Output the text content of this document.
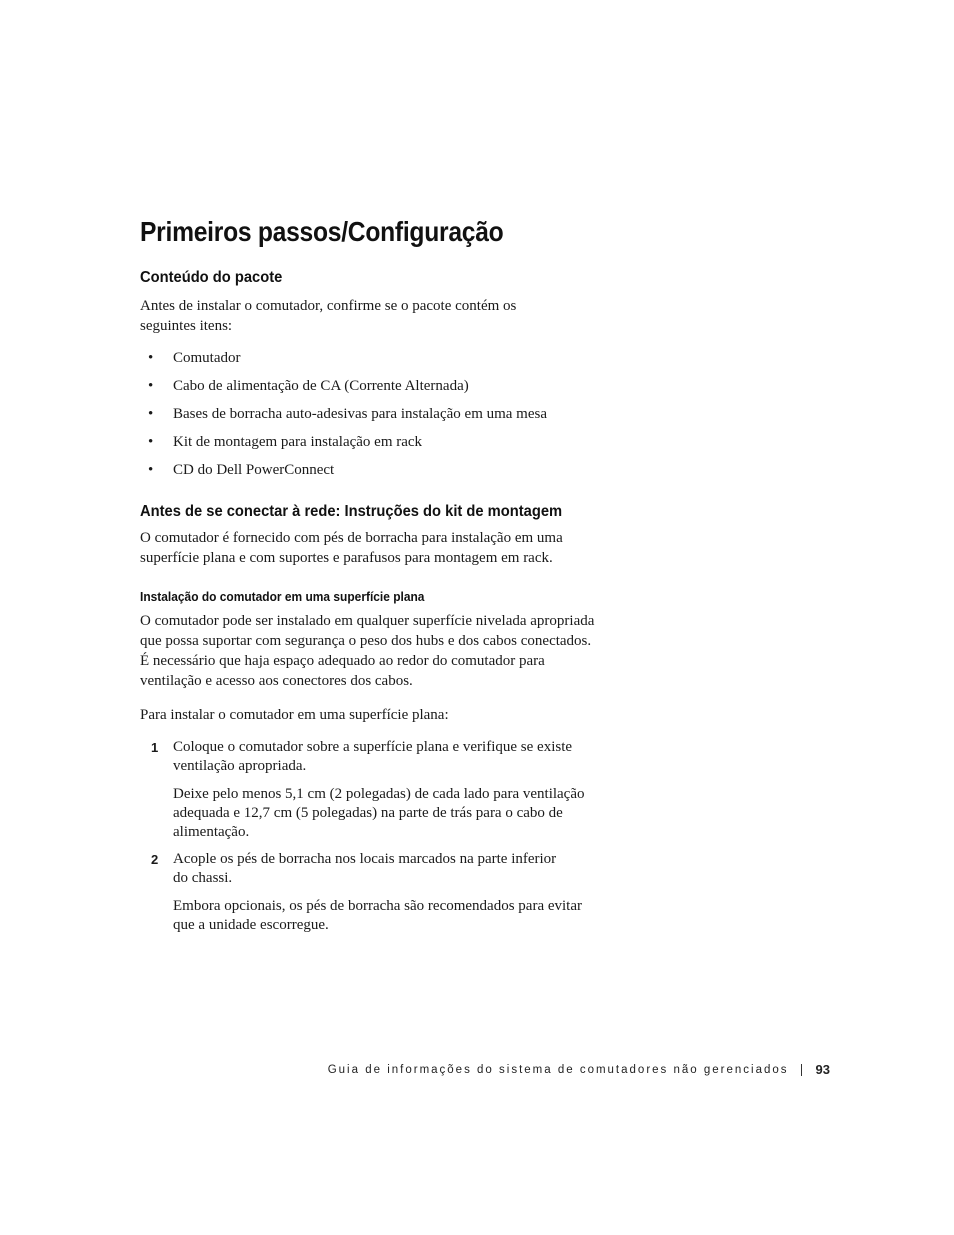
Primeiros passos/Configuração
Conteúdo do pacote

Antes de instalar o comutador, confirme se o pacote contém os
seguintes itens:

• Comutador
• Cabo de alimentação de CA (Corrente Alternada)
• Bases de borracha auto-adesivas para instalação em uma mesa
• Kit de montagem para instalação em rack
• CD do Dell PowerConnect
Antes de se conectar à rede: Instruções do kit de montagem

O comutador é fornecido com pés de borracha para instalação em uma
superfície plana e com suportes e parafusos para montagem em rack.

Instalação do comutador em uma superfície plana

O comutador pode ser instalado em qualquer superfície nivelada apropriada
que possa suportar com segurança o peso dos hubs e dos cabos conectados.
É necessário que haja espaço adequado ao redor do comutador para
ventilação e acesso aos conectores dos cabos.

Para instalar o comutador em uma superfície plana:

1 Coloque o comutador sobre a superfície plana e verifique se existe
ventilação apropriada.

Deixe pelo menos 5,1 cm (2 polegadas) de cada lado para ventilação
adequada e 12,7 cm (5 polegadas) na parte de trás para o cabo de
alimentação.

2 Acople os pés de borracha nos locais marcados na parte inferior
do chassi.

Embora opcionais, os pés de borracha são recomendados para evitar
que a unidade escorregue.

Guia de informações do sistema de comutadores não gerenciados 93
